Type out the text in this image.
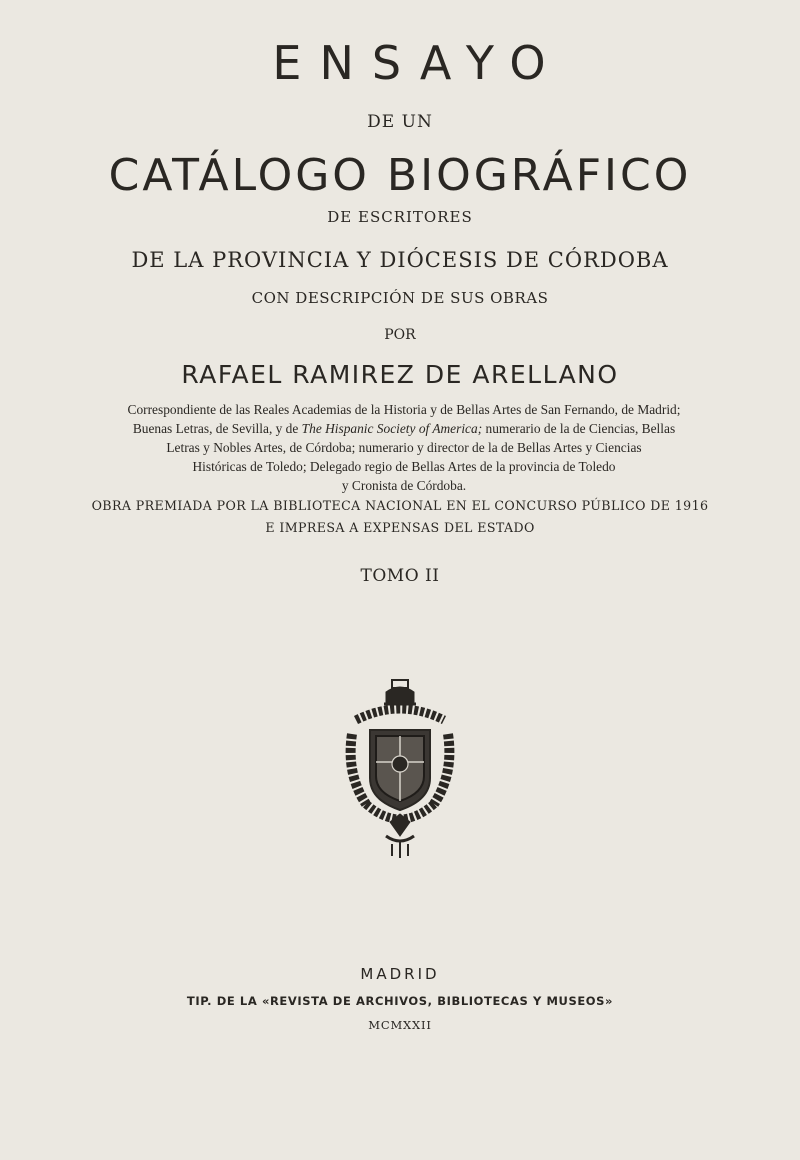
ENSAYO
DE UN
CATÁLOGO BIOGRÁFICO
DE ESCRITORES
DE LA PROVINCIA Y DIÓCESIS DE CÓRDOBA
CON DESCRIPCIÓN DE SUS OBRAS
POR
RAFAEL RAMIREZ DE ARELLANO

Correspondiente de las Reales Academias de la Historia y de Bellas Artes de San Fernando, de Madrid;

Buenas Letras, de Sevilla, y de The Hispanic Society of America; numerario de la de Ciencias, Bellas

Letras y Nobles Artes, de Córdoba; numerario y director de la de Bellas Artes y Ciencias

Históricas de Toledo; Delegado regio de Bellas Artes de la provincia de Toledo

y Cronista de Córdoba.

OBRA PREMIADA POR LA BIBLIOTECA NACIONAL EN EL CONCURSO PÚBLICO DE 1916
E IMPRESA A EXPENSAS DEL ESTADO
TOMO II
MADRID
TIP. DE LA «REVISTA DE ARCHIVOS, BIBLIOTECAS Y MUSEOS»
MCMXXII
